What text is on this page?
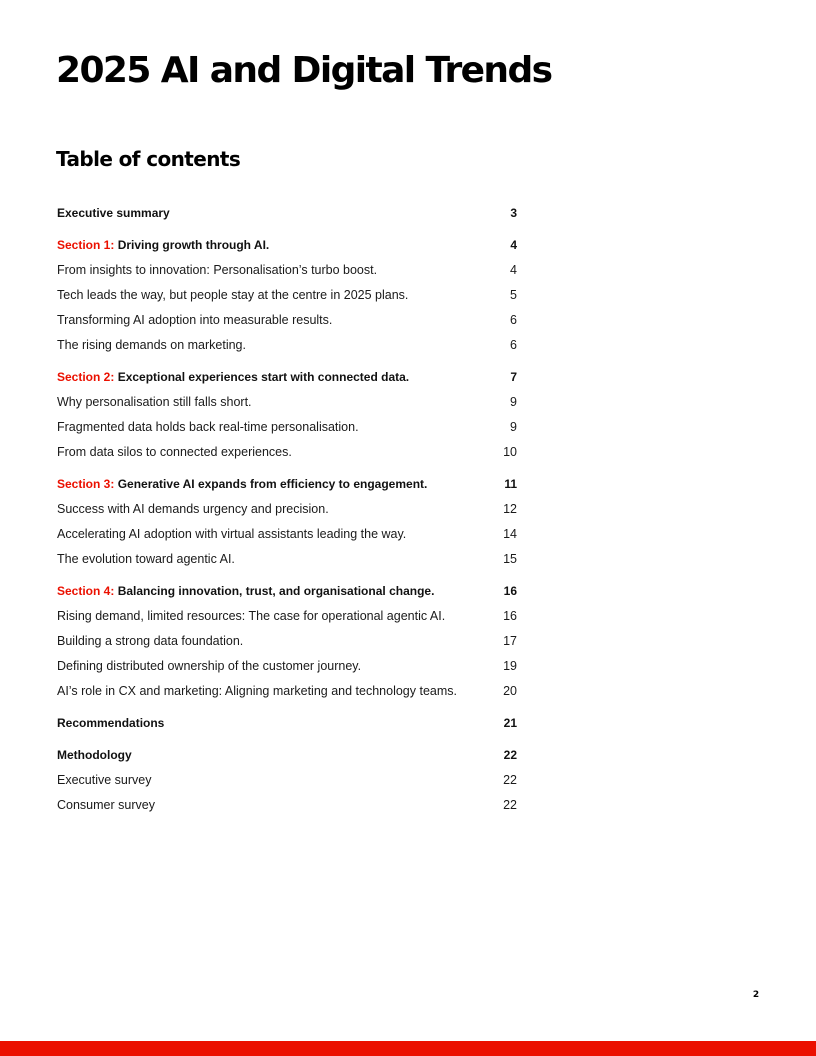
2025 AI and Digital Trends
Table of contents
Executive summary	3
Section 1: Driving growth through AI.	4
From insights to innovation: Personalisation’s turbo boost.	4
Tech leads the way, but people stay at the centre in 2025 plans.	5
Transforming AI adoption into measurable results.	6
The rising demands on marketing.	6
Section 2: Exceptional experiences start with connected data.	7
Why personalisation still falls short.	9
Fragmented data holds back real-time personalisation.	9
From data silos to connected experiences.	10
Section 3: Generative AI expands from efficiency to engagement.	11
Success with AI demands urgency and precision.	12
Accelerating AI adoption with virtual assistants leading the way.	14
The evolution toward agentic AI.	15
Section 4: Balancing innovation, trust, and organisational change.	16
Rising demand, limited resources: The case for operational agentic AI.	16
Building a strong data foundation.	17
Defining distributed ownership of the customer journey.	19
AI’s role in CX and marketing: Aligning marketing and technology teams.	20
Recommendations	21
Methodology	22
Executive survey	22
Consumer survey	22
2
